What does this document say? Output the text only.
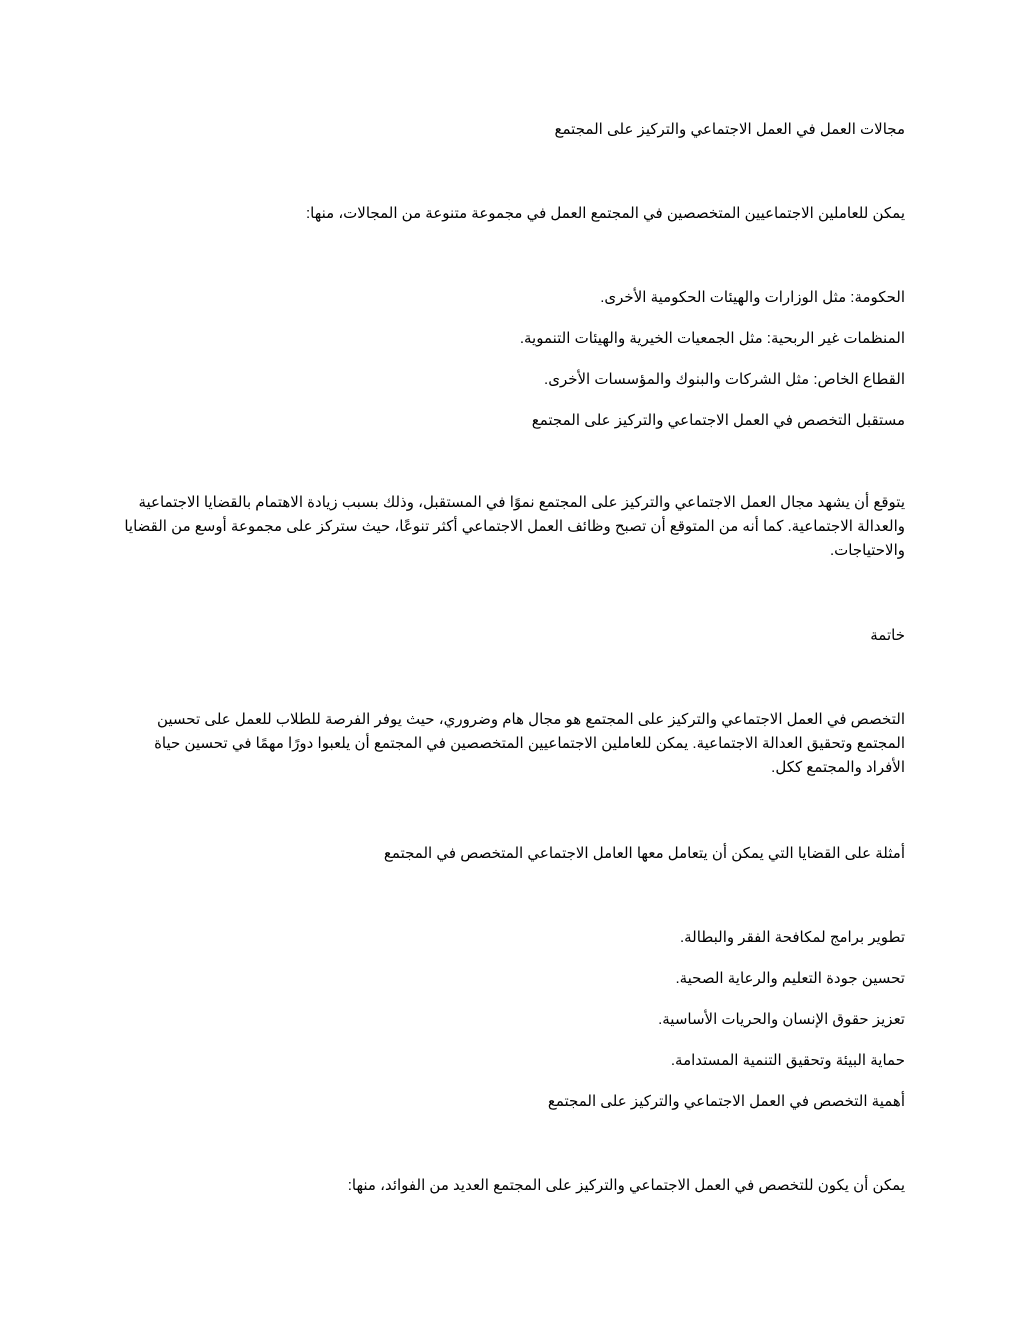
مجالات العمل في العمل الاجتماعي والتركيز على المجتمع

يمكن للعاملين الاجتماعيين المتخصصين في المجتمع العمل في مجموعة متنوعة من المجالات، منها:

الحكومة: مثل الوزارات والهيئات الحكومية الأخرى.

المنظمات غير الربحية: مثل الجمعيات الخيرية والهيئات التنموية.

القطاع الخاص: مثل الشركات والبنوك والمؤسسات الأخرى.

مستقبل التخصص في العمل الاجتماعي والتركيز على المجتمع

يتوقع أن يشهد مجال العمل الاجتماعي والتركيز على المجتمع نموًا في المستقبل، وذلك بسبب زيادة الاهتمام بالقضايا الاجتماعية والعدالة الاجتماعية. كما أنه من المتوقع أن تصبح وظائف العمل الاجتماعي أكثر تنوعًا، حيث ستركز على مجموعة أوسع من القضايا والاحتياجات.

خاتمة

التخصص في العمل الاجتماعي والتركيز على المجتمع هو مجال هام وضروري، حيث يوفر الفرصة للطلاب للعمل على تحسين المجتمع وتحقيق العدالة الاجتماعية. يمكن للعاملين الاجتماعيين المتخصصين في المجتمع أن يلعبوا دورًا مهمًا في تحسين حياة الأفراد والمجتمع ككل.

أمثلة على القضايا التي يمكن أن يتعامل معها العامل الاجتماعي المتخصص في المجتمع

تطوير برامج لمكافحة الفقر والبطالة.

تحسين جودة التعليم والرعاية الصحية.

تعزيز حقوق الإنسان والحريات الأساسية.

حماية البيئة وتحقيق التنمية المستدامة.

أهمية التخصص في العمل الاجتماعي والتركيز على المجتمع

يمكن أن يكون للتخصص في العمل الاجتماعي والتركيز على المجتمع العديد من الفوائد، منها:
